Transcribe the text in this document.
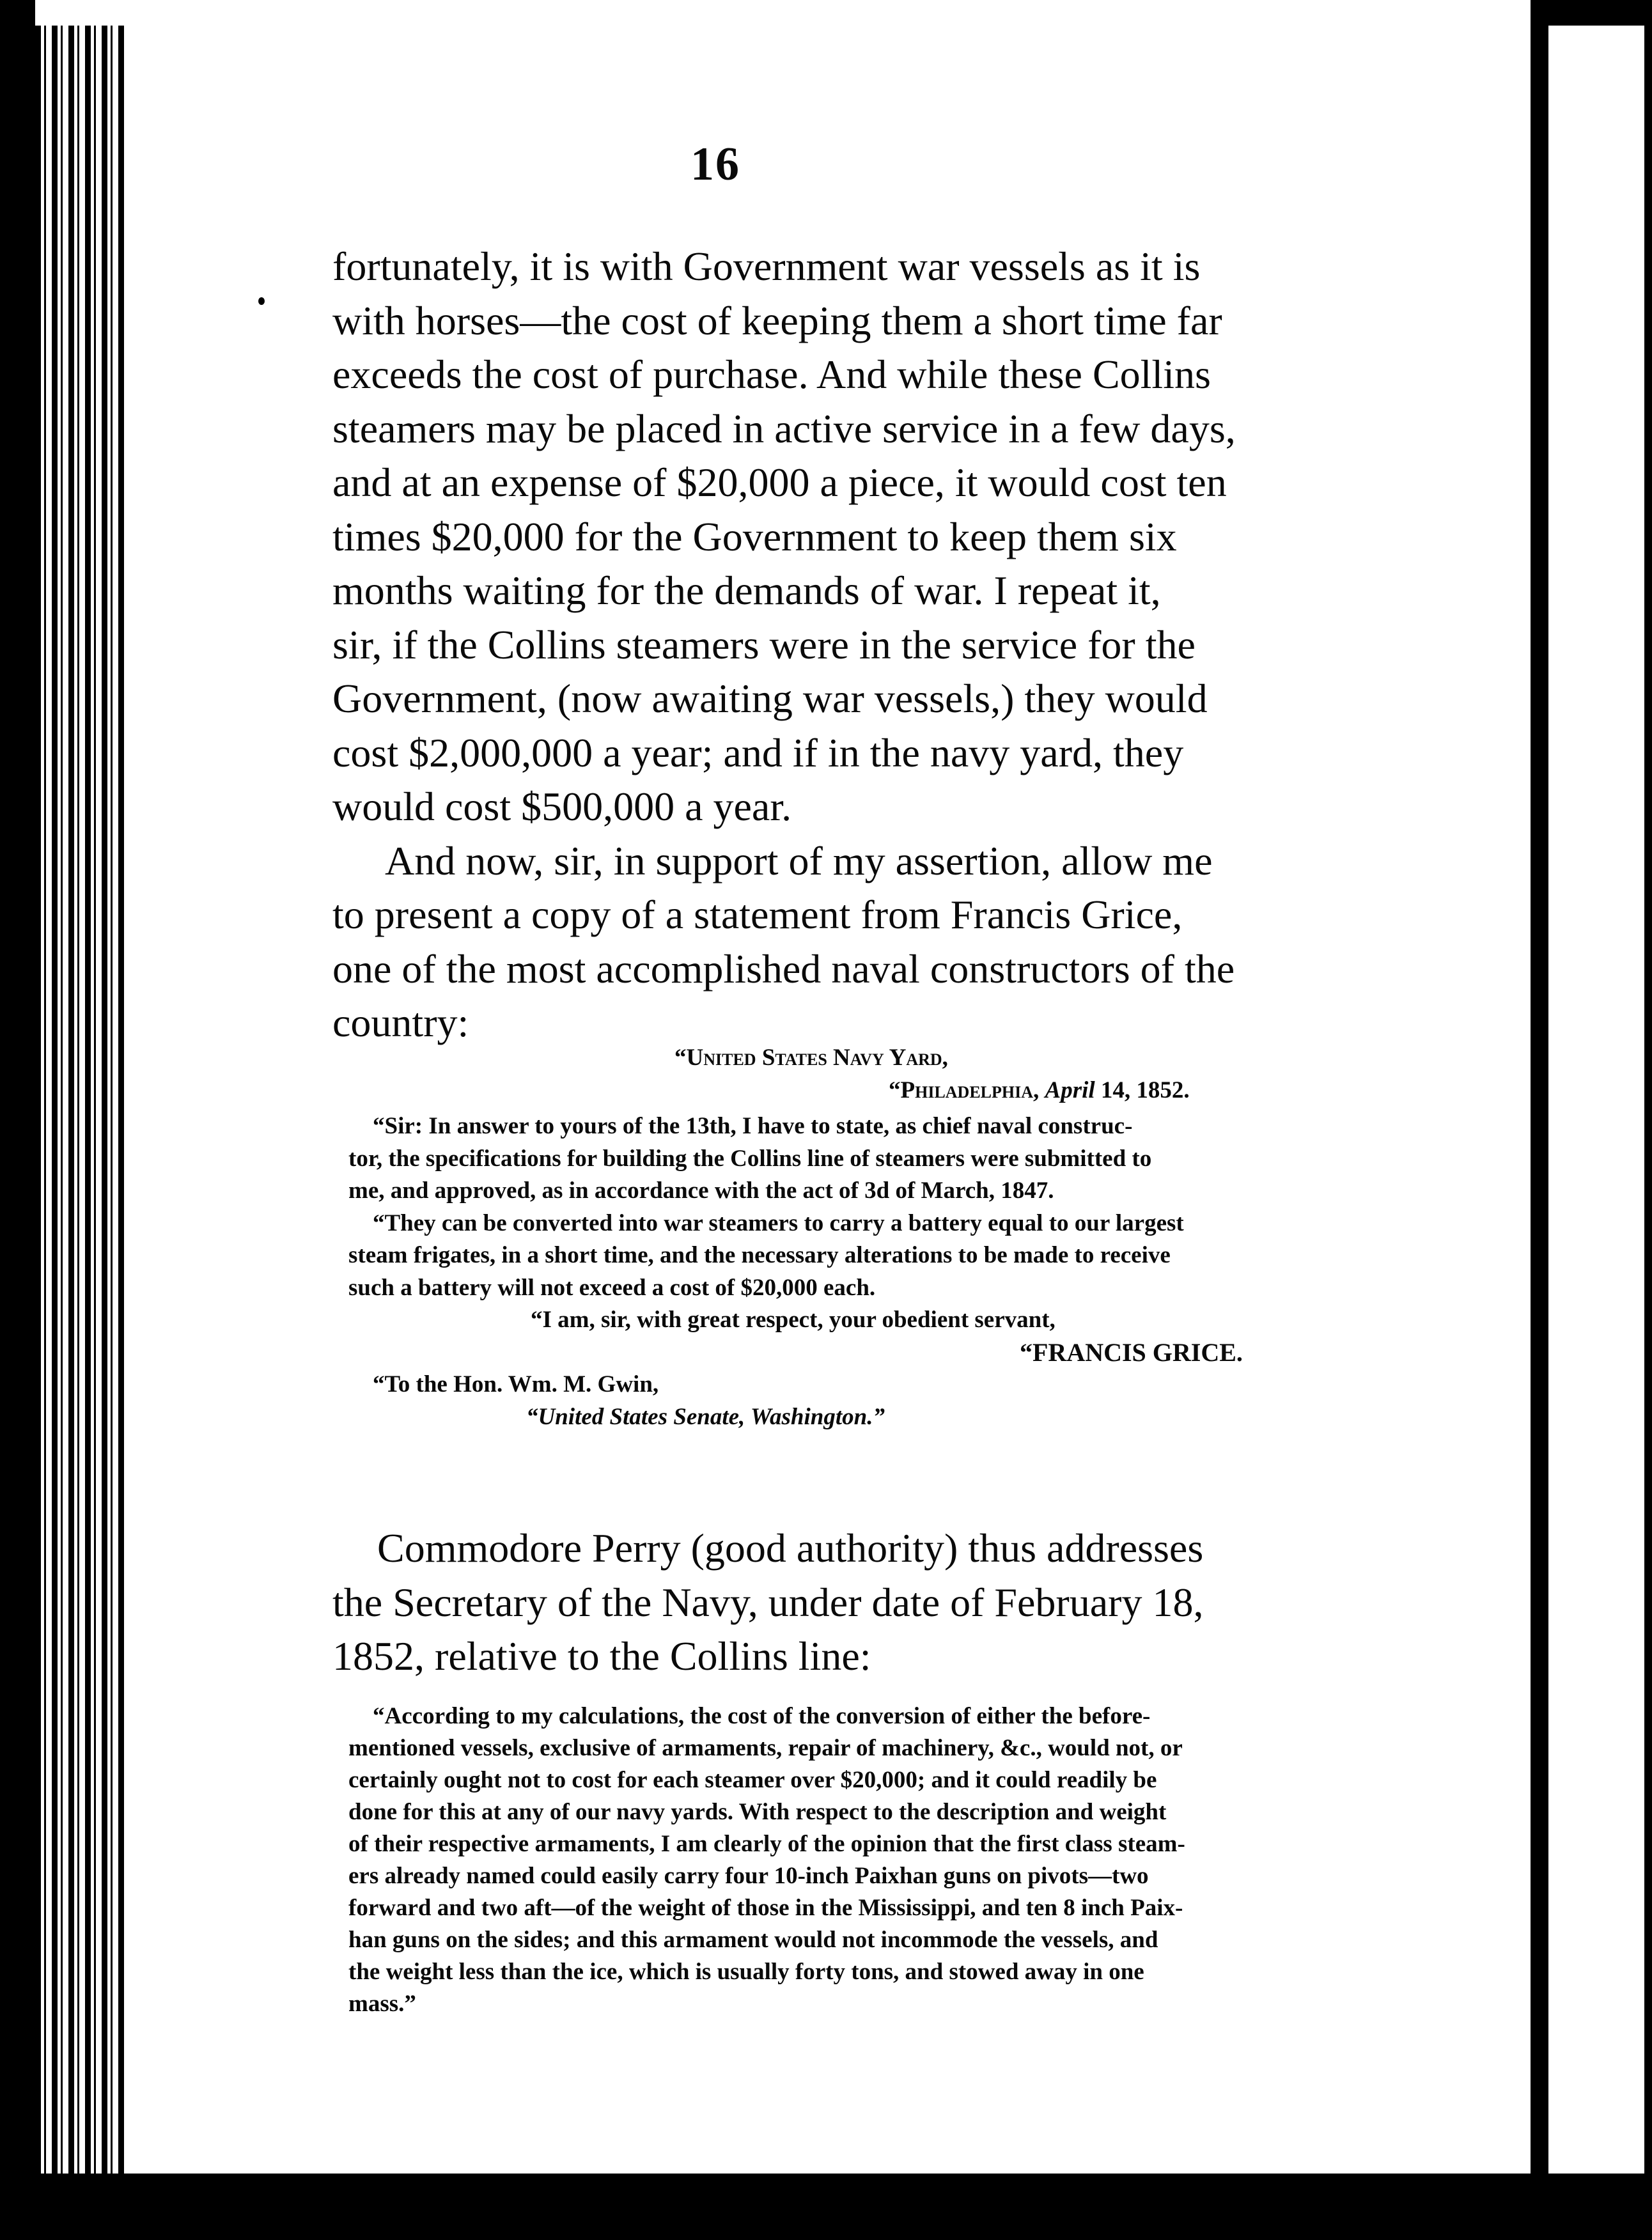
16

fortunately, it is with Government war vessels as it is
with horses—the cost of keeping them a short time far
exceeds the cost of purchase. And while these Collins
steamers may be placed in active service in a few days,
and at an expense of $20,000 a piece, it would cost ten
times $20,000 for the Government to keep them six
months waiting for the demands of war. I repeat it,
sir, if the Collins steamers were in the service for the
Government, (now awaiting war vessels,) they would
cost $2,000,000 a year; and if in the navy yard, they
would cost $500,000 a year.

And now, sir, in support of my assertion, allow me

to present a copy of a statement from Francis Grice,
one of the most accomplished naval constructors of the
country:

“United States Navy Yard,
“Philadelphia, April 14, 1852.
“Sir: In answer to yours of the 13th, I have to state, as chief naval construc-
tor, the specifications for building the Collins line of steamers were submitted to
me, and approved, as in accordance with the act of 3d of March, 1847.
“They can be converted into war steamers to carry a battery equal to our largest
steam frigates, in a short time, and the necessary alterations to be made to receive
such a battery will not exceed a cost of $20,000 each.
“I am, sir, with great respect, your obedient servant,
“FRANCIS GRICE.
“To the Hon. Wm. M. Gwin,
“United States Senate, Washington.”

Commodore Perry (good authority) thus addresses
the Secretary of the Navy, under date of February 18,
1852, relative to the Collins line:

“According to my calculations, the cost of the conversion of either the before-
mentioned vessels, exclusive of armaments, repair of machinery, &c., would not, or
certainly ought not to cost for each steamer over $20,000; and it could readily be
done for this at any of our navy yards. With respect to the description and weight
of their respective armaments, I am clearly of the opinion that the first class steam-
ers already named could easily carry four 10-inch Paixhan guns on pivots—two
forward and two aft—of the weight of those in the Mississippi, and ten 8 inch Paix-
han guns on the sides; and this armament would not incommode the vessels, and
the weight less than the ice, which is usually forty tons, and stowed away in one
mass.”
